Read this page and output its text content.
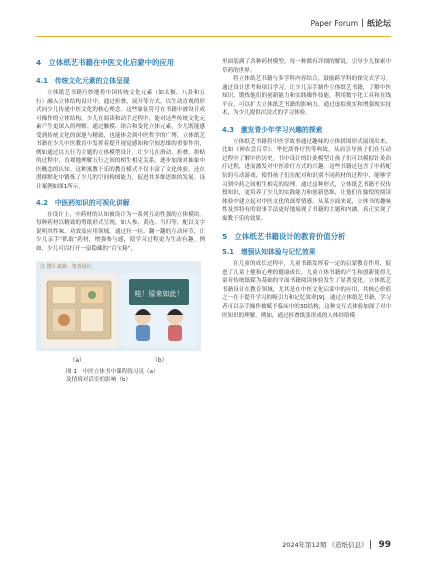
Paper Forum 纸论坛
4　立体纸艺书籍在中医文化启蒙中的应用
4.1　传统文化元素的立体呈现

立体纸艺书籍巧妙地将中国传统文化元素（如太极、八卦和五行）融入立体结构设计中。通过折叠、展开等方式，以生动直观的形式向少儿传递中医文化的核心理念。这些象征符号在书籍中被设计成可操作的立体结构，少儿在阅读和动手过程中，能对这些传统文化元素产生更深入的理解。通过触摸、组合和变化立体元素，少儿既能感受到传统文化的深邃与精致，也能体会到中医哲学的广博。立体纸艺书籍在少儿中医教育中发挥着提升视觉感知和空间思维的重要作用，例如通过以五行为主题的立体模型设计，让少儿在滑动、折叠、拼贴的过程中，直观地理解五行之间的相生相克关系，逐步加深对抽象中医概念的认知。这种寓教于乐的教育模式不仅丰富了文化体验，还在潜移默化中锻炼了少儿的空间构图能力，促进其多维思维的发展。设计案例如图1所示。

4.2　中医药知识的可视化讲解

在设计上，中药材的认知被设计为一系列互动性强的立体模块。每种药材以精致的剪纸形式呈现，如人参、黄连、当归等，配以文字说明其性味、功效及应用领域。通过拉一拉、翻一翻的互动环节，让少儿亲手“抓取”药材，增强参与感，使学习过程更为生动有趣。例如，少儿可以打开一扇隐藏的“百宝箱”，

注 图片来源：笔者设计。
哇！原来如此！
（a）	（b）
图 1　中医立体书中课程练习页（a）
及情境对话室的影响（b）

里面装满了各种药材模型，每一种都有详细的解说，引导少儿探索中草药的世界。

将立体纸艺书籍与多学科内容结合，鼓励跨学科的探究式学习。通过设计思考和项目学习，让少儿亲手制作立体纸艺书籍，了解中医知识，锻炼他们的创新能力和实践操作技能。利用数字化工具和在线平台，可以扩大立体纸艺书籍的影响力。通过虚拟现实和增强现实技术，为少儿提供沉浸式的学习体验。

4.3　激发青少年学习兴趣的探索

立体纸艺书籍将中医学故事通过趣味的立体拼图形式展现出来，比如《神农尝百草》、华佗刮骨疗伤等典故，从而引导孩子们在互动过程中了解中医历史。书中设计的针灸模型让孩子们可以模拟针灸治疗过程，进而激发对中医诊疗方式的兴趣。这些书籍还包含了中药配伍的互动游戏，使得孩子们在配对和识别不同药材的过程中，能够学习到中药之间相生相克的原理。通过这种形式，立体纸艺书籍不仅传授知识，更培养了少儿的实践能力和创新思维，让他们在愉悦的阅读体验中建立起对中医文化的深厚情感。从某方面来说，立体书的趣味性及其特有的叙事手法更好地展现了书籍的主题和内涵，真正实现了寓教于乐的效果。

5　立体纸艺书籍设计的教育价值分析
5.1　增强认知体验与记忆效果

在儿童的成长过程中，儿童书籍发挥着一定的启蒙教育作用，促进了儿童上健和心理的健康成长。儿童立体书籍的产生和创新使得儿童对传统纸媒为基础的平面书籍阅读体验发生了显著变化。立体纸艺书籍设计在教育领域，尤其是在中医文化启蒙中的应用，其核心价值之一在于提升学习的吸引力和记忆效率[9]。通过立体纸艺书籍，学习者可以亲手操作被赋予临床中的3D结构，这种交互式体验加深了对中医知识的理解。例如，通过折叠纸张形成的人体经络模

2024年第12期 《造纸信息》 99
